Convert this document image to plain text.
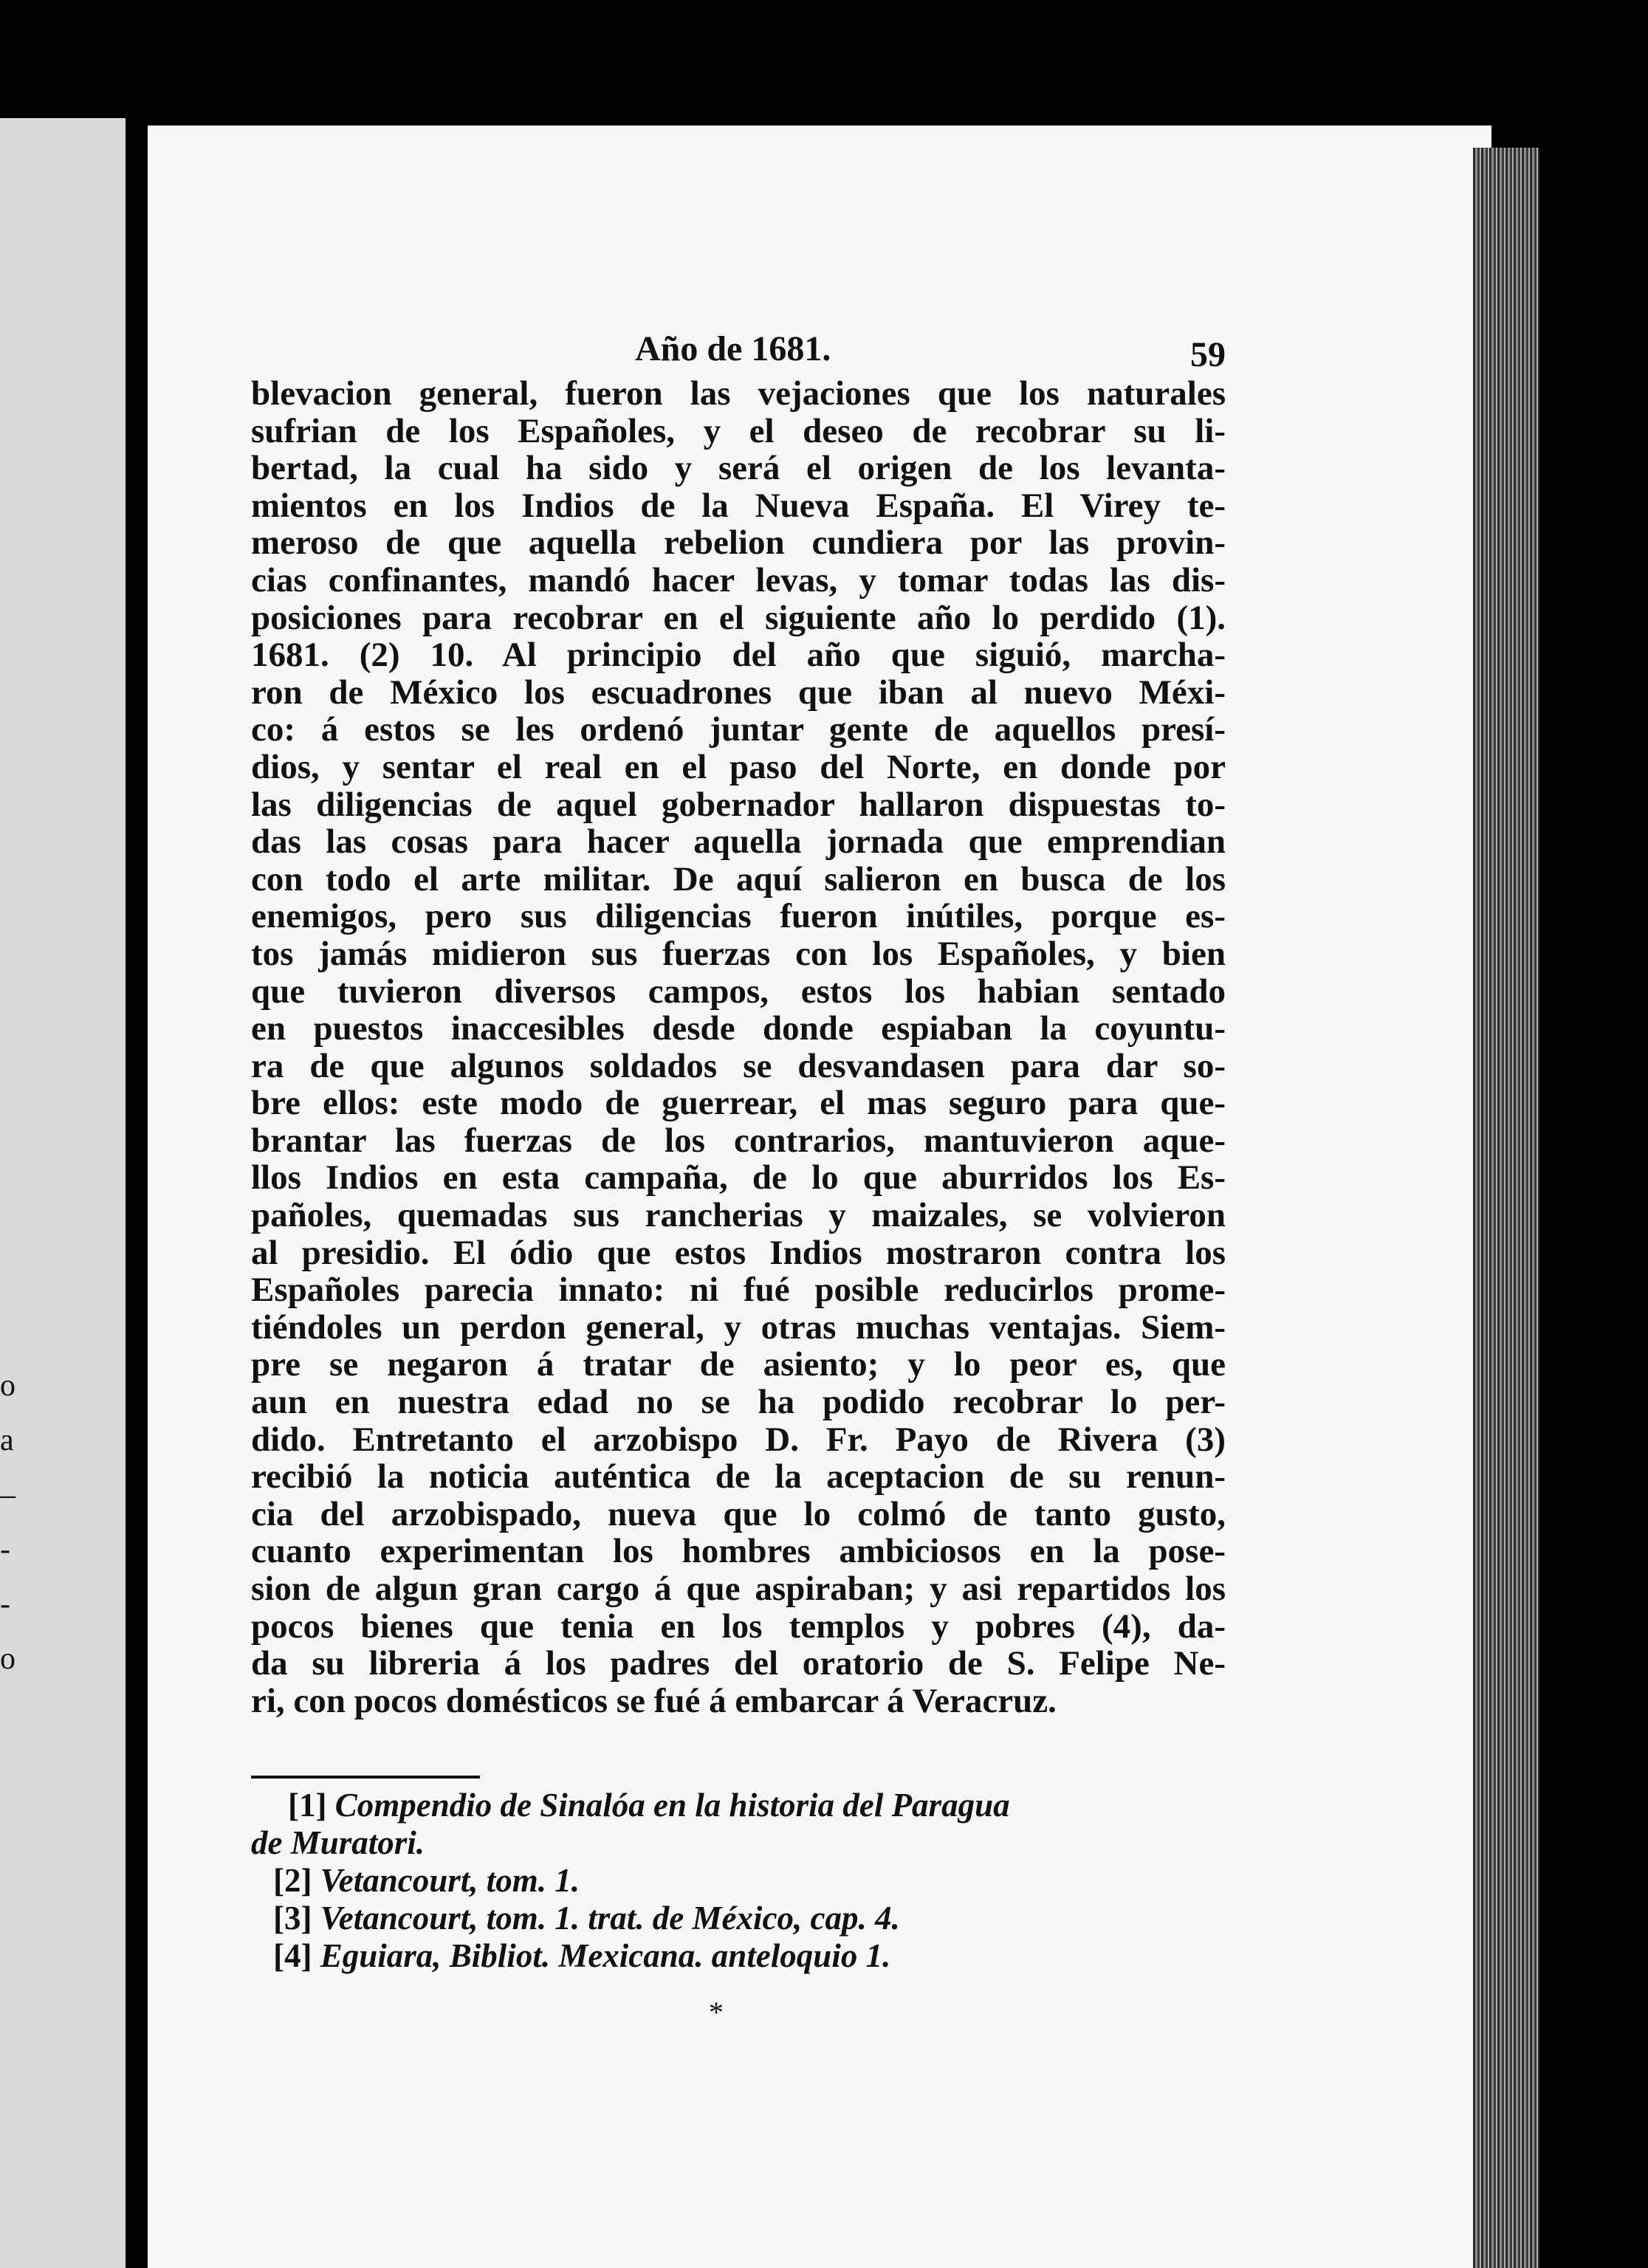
o
a
–
-
-
o
Año de 1681.	59
blevacion general, fueron las vejaciones que los naturales
sufrian de los Españoles, y el deseo de recobrar su li-
bertad, la cual ha sido y será el origen de los levanta-
mientos en los Indios de la Nueva España. El Virey te-
meroso de que aquella rebelion cundiera por las provin-
cias confinantes, mandó hacer levas, y tomar todas las dis-
posiciones para recobrar en el siguiente año lo perdido (1).
1681. (2) 10. Al principio del año que siguió, marcha-
ron de México los escuadrones que iban al nuevo Méxi-
co: á estos se les ordenó juntar gente de aquellos presí-
dios, y sentar el real en el paso del Norte, en donde por
las diligencias de aquel gobernador hallaron dispuestas to-
das las cosas para hacer aquella jornada que emprendian
con todo el arte militar. De aquí salieron en busca de los
enemigos, pero sus diligencias fueron inútiles, porque es-
tos jamás midieron sus fuerzas con los Españoles, y bien
que tuvieron diversos campos, estos los habian sentado
en puestos inaccesibles desde donde espiaban la coyuntu-
ra de que algunos soldados se desvandasen para dar so-
bre ellos: este modo de guerrear, el mas seguro para que-
brantar las fuerzas de los contrarios, mantuvieron aque-
llos Indios en esta campaña, de lo que aburridos los Es-
pañoles, quemadas sus rancherias y maizales, se volvieron
al presidio. El ódio que estos Indios mostraron contra los
Españoles parecia innato: ni fué posible reducirlos prome-
tiéndoles un perdon general, y otras muchas ventajas. Siem-
pre se negaron á tratar de asiento; y lo peor es, que
aun en nuestra edad no se ha podido recobrar lo per-
dido. Entretanto el arzobispo D. Fr. Payo de Rivera (3)
recibió la noticia auténtica de la aceptacion de su renun-
cia del arzobispado, nueva que lo colmó de tanto gusto,
cuanto experimentan los hombres ambiciosos en la pose-
sion de algun gran cargo á que aspiraban; y asi repartidos los
pocos bienes que tenia en los templos y pobres (4), da-
da su libreria á los padres del oratorio de S. Felipe Ne-
ri, con pocos domésticos se fué á embarcar á Veracruz.
[1] Compendio de Sinalóa en la historia del Paragua
de Muratori.
[2] Vetancourt, tom. 1.
[3] Vetancourt, tom. 1. trat. de México, cap. 4.
[4] Eguiara, Bibliot. Mexicana. anteloquio 1.
*
